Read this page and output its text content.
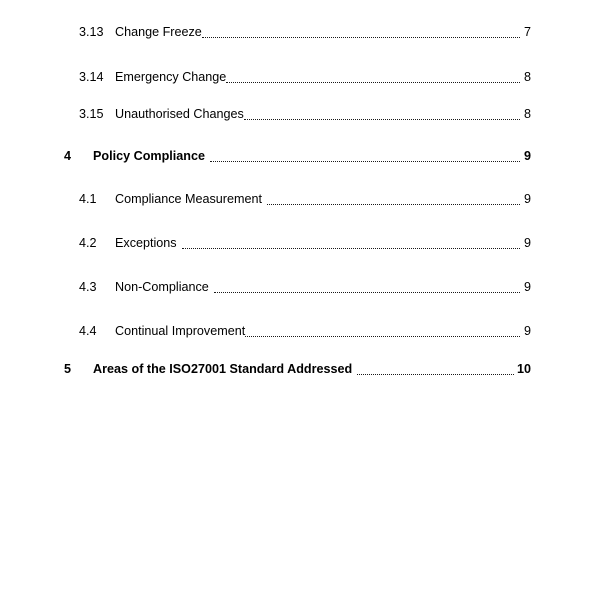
3.13 Change Freeze	7
3.14 Emergency Change	8
3.15 Unauthorised Changes	8
4	Policy Compliance	9
4.1	Compliance Measurement	9
4.2	Exceptions	9
4.3	Non-Compliance	9
4.4	Continual Improvement	9
5	Areas of the ISO27001 Standard Addressed	10
